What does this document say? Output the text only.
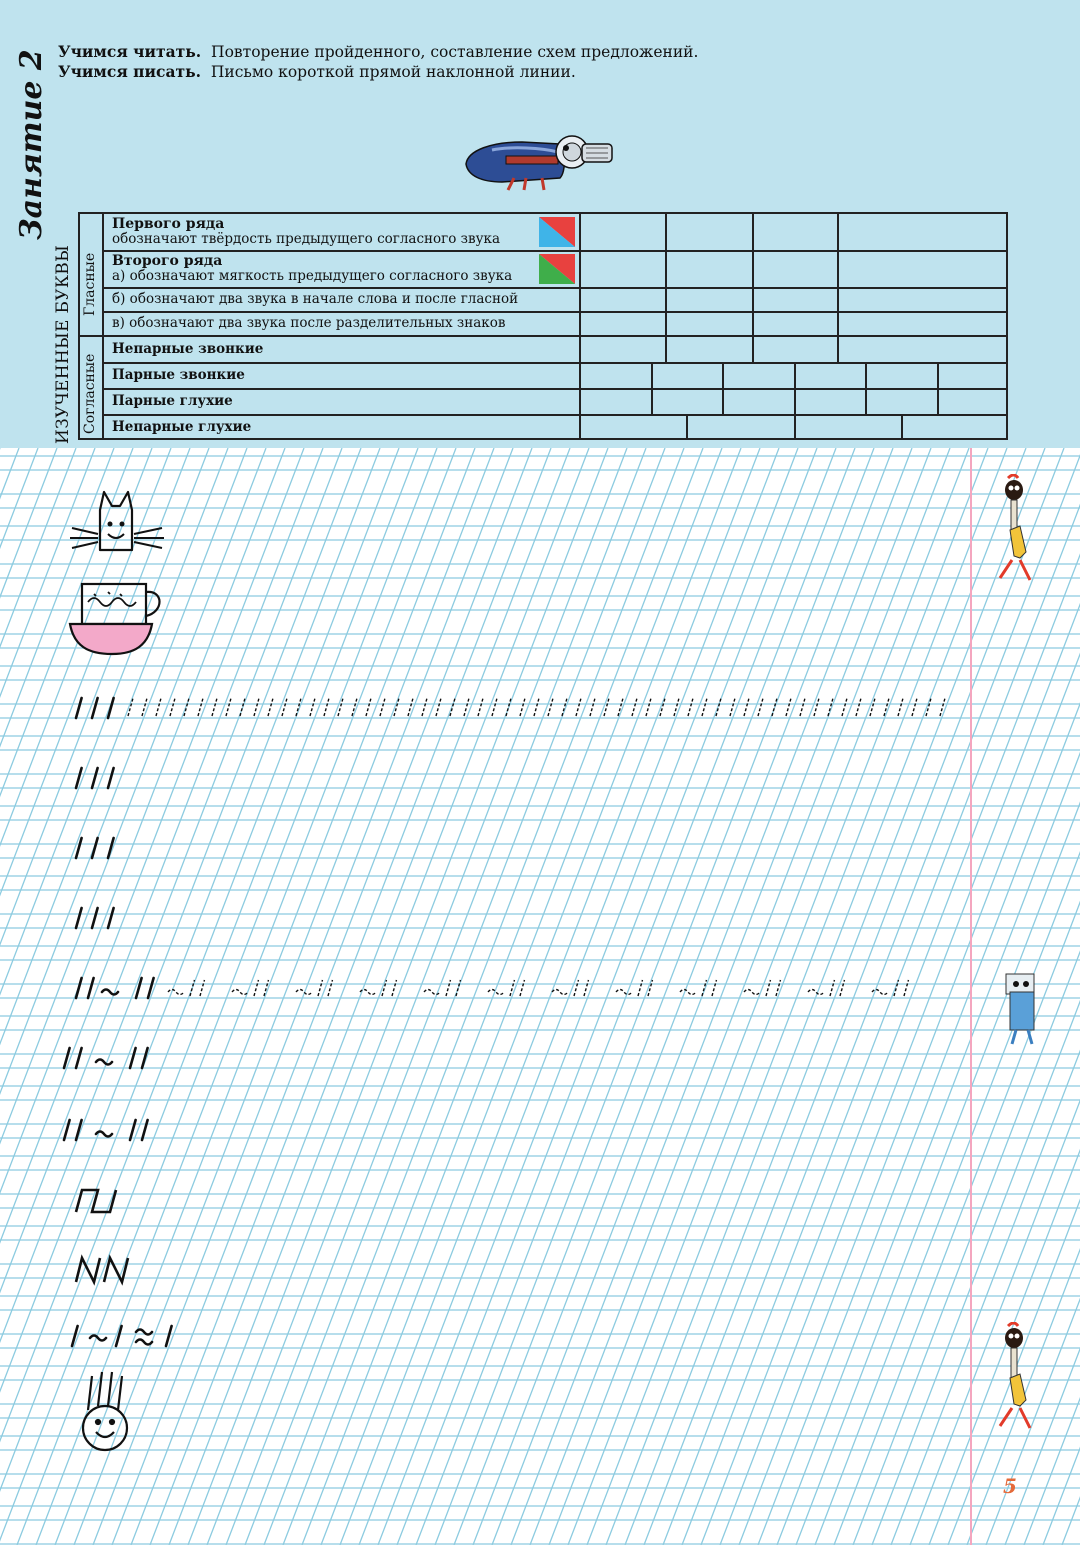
Занятие 2 Учимся читать. Повторение пройденного, составление схем предложений.
Учимся писать. Письмо короткой прямой наклонной линии.
ИЗУЧЕННЫЕ БУКВЫ Гласные
Согласные
Первого ряда
обозначают твёрдость предыдущего согласного звука
Второго ряда
а) обозначают мягкость предыдущего согласного звука
б) обозначают два звука в начале слова и после гласной
в) обозначают два звука после разделительных знаков
Непарные звонкие
Парные звонкие
Парные глухие
Непарные глухие
5
